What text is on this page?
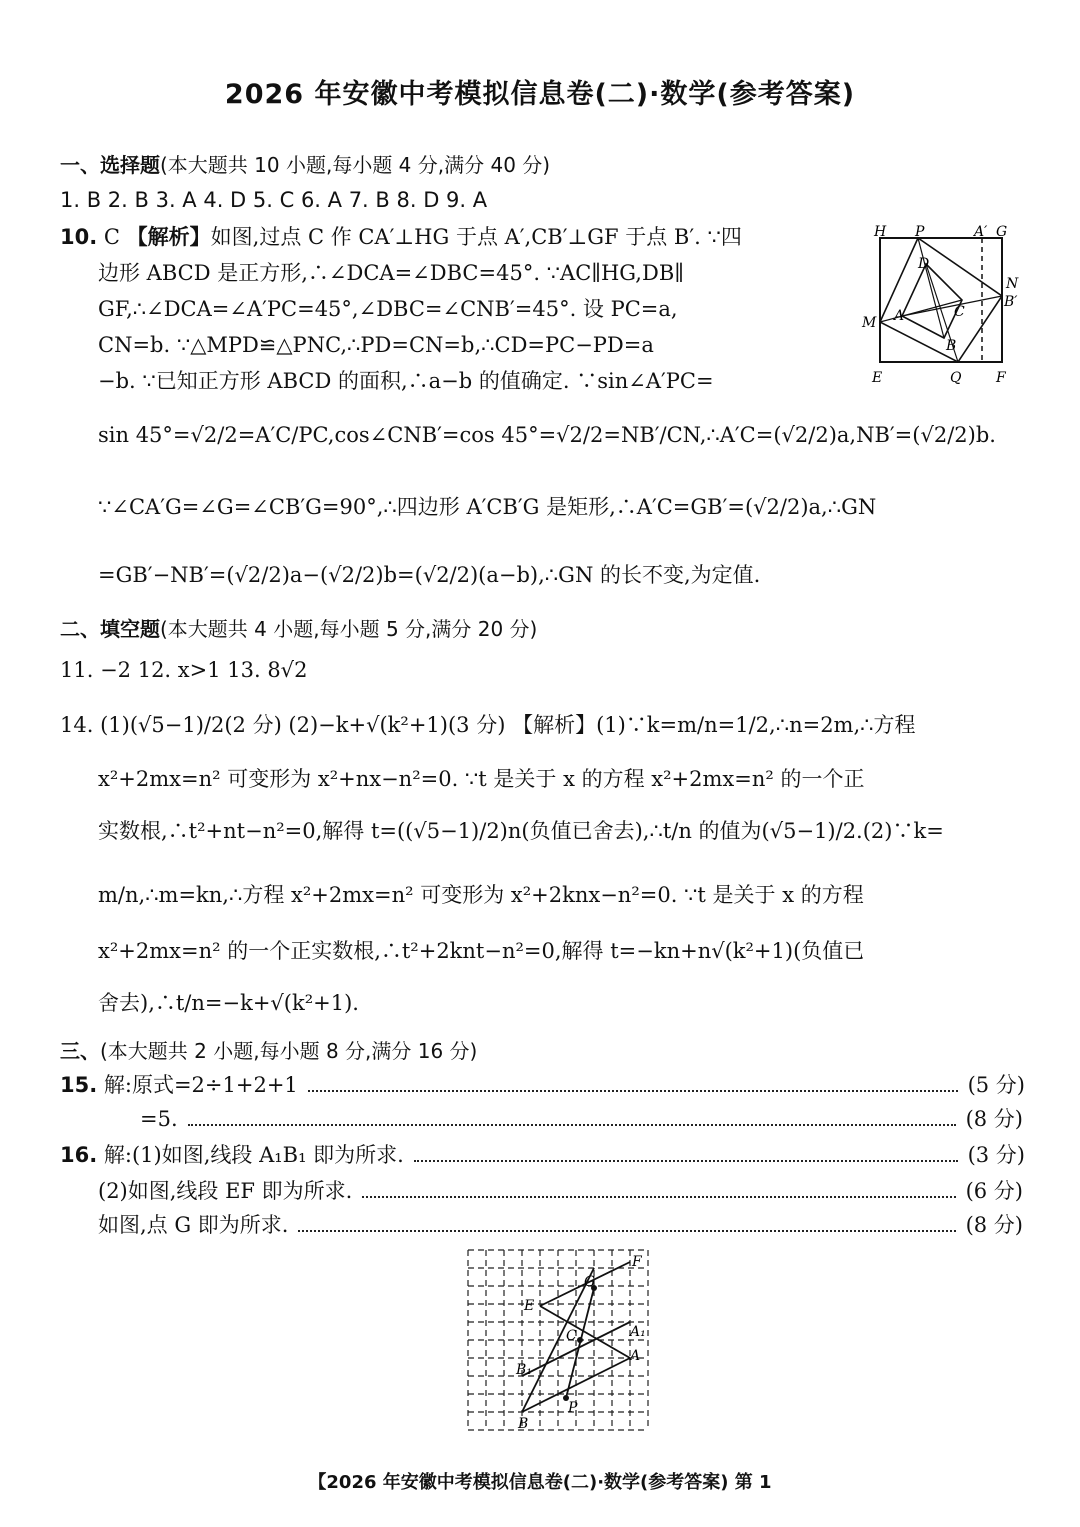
2026 年安徽中考模拟信息卷(二)·数学(参考答案)
一、选择题(本大题共 10 小题,每小题 4 分,满分 40 分)
1. B 2. B 3. A 4. D 5. C 6. A 7. B 8. D 9. A
10. C 【解析】如图,过点 C 作 CA′⊥HG 于点 A′,CB′⊥GF 于点 B′. ∵四
边形 ABCD 是正方形,∴∠DCA=∠DBC=45°. ∵AC∥HG,DB∥
GF,∴∠DCA=∠A′PC=45°,∠DBC=∠CNB′=45°. 设 PC=a,
CN=b. ∵△MPD≌△PNC,∴PD=CN=b,∴CD=PC−PD=a
−b. ∵已知正方形 ABCD 的面积,∴a−b 的值确定. ∵sin∠A′PC=
sin 45°=√2/2=A′C/PC,cos∠CNB′=cos 45°=√2/2=NB′/CN,∴A′C=(√2/2)a,NB′=(√2/2)b.
∵∠CA′G=∠G=∠CB′G=90°,∴四边形 A′CB′G 是矩形,∴A′C=GB′=(√2/2)a,∴GN
=GB′−NB′=(√2/2)a−(√2/2)b=(√2/2)(a−b),∴GN 的长不变,为定值.
H P	A′ G
D
N
B′
M A	C
B
E	Q F
二、填空题(本大题共 4 小题,每小题 5 分,满分 20 分)
11. −2 12. x>1 13. 8√2
14. (1)(√5−1)/2(2 分) (2)−k+√(k²+1)(3 分) 【解析】(1)∵k=m/n=1/2,∴n=2m,∴方程
x²+2mx=n² 可变形为 x²+nx−n²=0. ∵t 是关于 x 的方程 x²+2mx=n² 的一个正
实数根,∴t²+nt−n²=0,解得 t=((√5−1)/2)n(负值已舍去),∴t/n 的值为(√5−1)/2.(2)∵k=
m/n,∴m=kn,∴方程 x²+2mx=n² 可变形为 x²+2knx−n²=0. ∵t 是关于 x 的方程
x²+2mx=n² 的一个正实数根,∴t²+2knt−n²=0,解得 t=−kn+n√(k²+1)(负值已
舍去),∴t/n=−k+√(k²+1).
三、(本大题共 2 小题,每小题 8 分,满分 16 分)
15. 解:原式=2÷1+2+1	(5 分)
=5.	(8 分)
16. 解:(1)如图,线段 A₁B₁ 即为所求.	(3 分)
(2)如图,线段 EF 即为所求.	(6 分)
如图,点 G 即为所求.	(8 分)
G
F
E
C	A₁
A
B₁
P
B
【2026 年安徽中考模拟信息卷(二)·数学(参考答案) 第 1
